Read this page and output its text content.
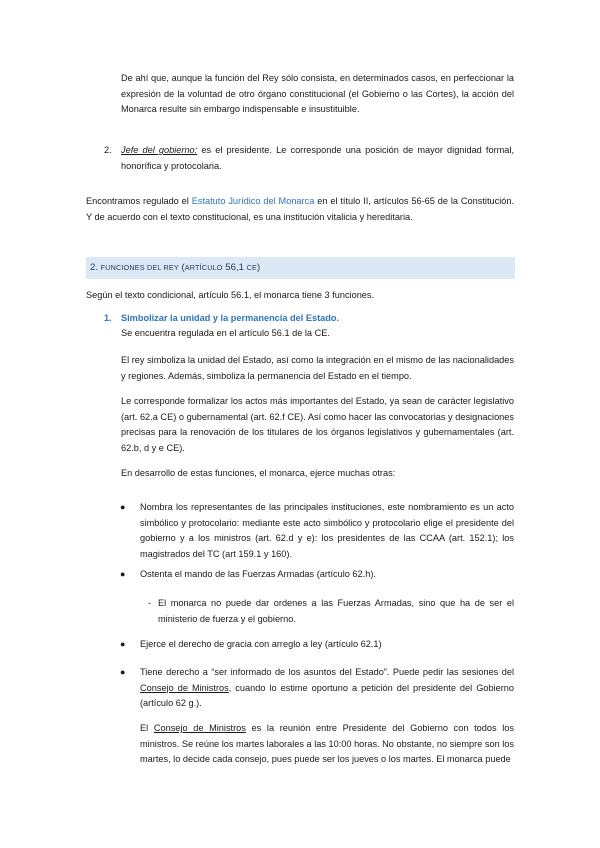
De ahí que, aunque la función del Rey sólo consista, en determinados casos, en perfeccionar la expresión de la voluntad de otro órgano constitucional (el Gobierno o las Cortes), la acción del Monarca resulte sin embargo indispensable e insustituible.

2. Jefe del gobierno: es el presidente. Le corresponde una posición de mayor dignidad formal, honorífica y protocolaria.

Encontramos regulado el Estatuto Jurídico del Monarca en el título II, artículos 56-65 de la Constitución. Y de acuerdo con el texto constitucional, es una institución vitalicia y hereditaria.

2. FUNCIONES DEL REY (ARTÍCULO 56,1 CE)

Según el texto condicional, artículo 56.1, el monarca tiene 3 funciones.

1. Simbolizar la unidad y la permanencia del Estado.

Se encuentra regulada en el artículo 56.1 de la CE.

El rey simboliza la unidad del Estado, así como la integración en el mismo de las nacionalidades y regiones. Además, simboliza la permanencia del Estado en el tiempo.

Le corresponde formalizar los actos más importantes del Estado, ya sean de carácter legislativo (art. 62.a CE) o gubernamental (art. 62.f CE). Así como hacer las convocatorias y designaciones precisas para la renovación de los titulares de los órganos legislativos y gubernamentales (art. 62.b, d y e CE).

En desarrollo de estas funciones, el monarca, ejerce muchas otras:

● Nombra los representantes de las principales instituciones, este nombramiento es un acto simbólico y protocolario: mediante este acto simbólico y protocolario elige el presidente del gobierno y a los ministros (art. 62.d y e): los presidentes de las CCAA (art. 152.1); los magistrados del TC (art 159.1 y 160).

● Ostenta el mando de las Fuerzas Armadas (artículo 62.h).

- El monarca no puede dar ordenes a las Fuerzas Armadas, sino que ha de ser el ministerio de fuerza y el gobierno.

● Ejerce el derecho de gracia con arreglo a ley (artículo 62.1)

● Tiene derecho a “ser informado de los asuntos del Estado”. Puede pedir las sesiones del Consejo de Ministros, cuando lo estime oportuno a petición del presidente del Gobierno (artículo 62 g.).

El Consejo de Ministros es la reunión entre Presidente del Gobierno con todos los ministros. Se reúne los martes laborales a las 10:00 horas. No obstante, no siempre son los martes, lo decide cada consejo, pues puede ser los jueves o los martes. El monarca puede
